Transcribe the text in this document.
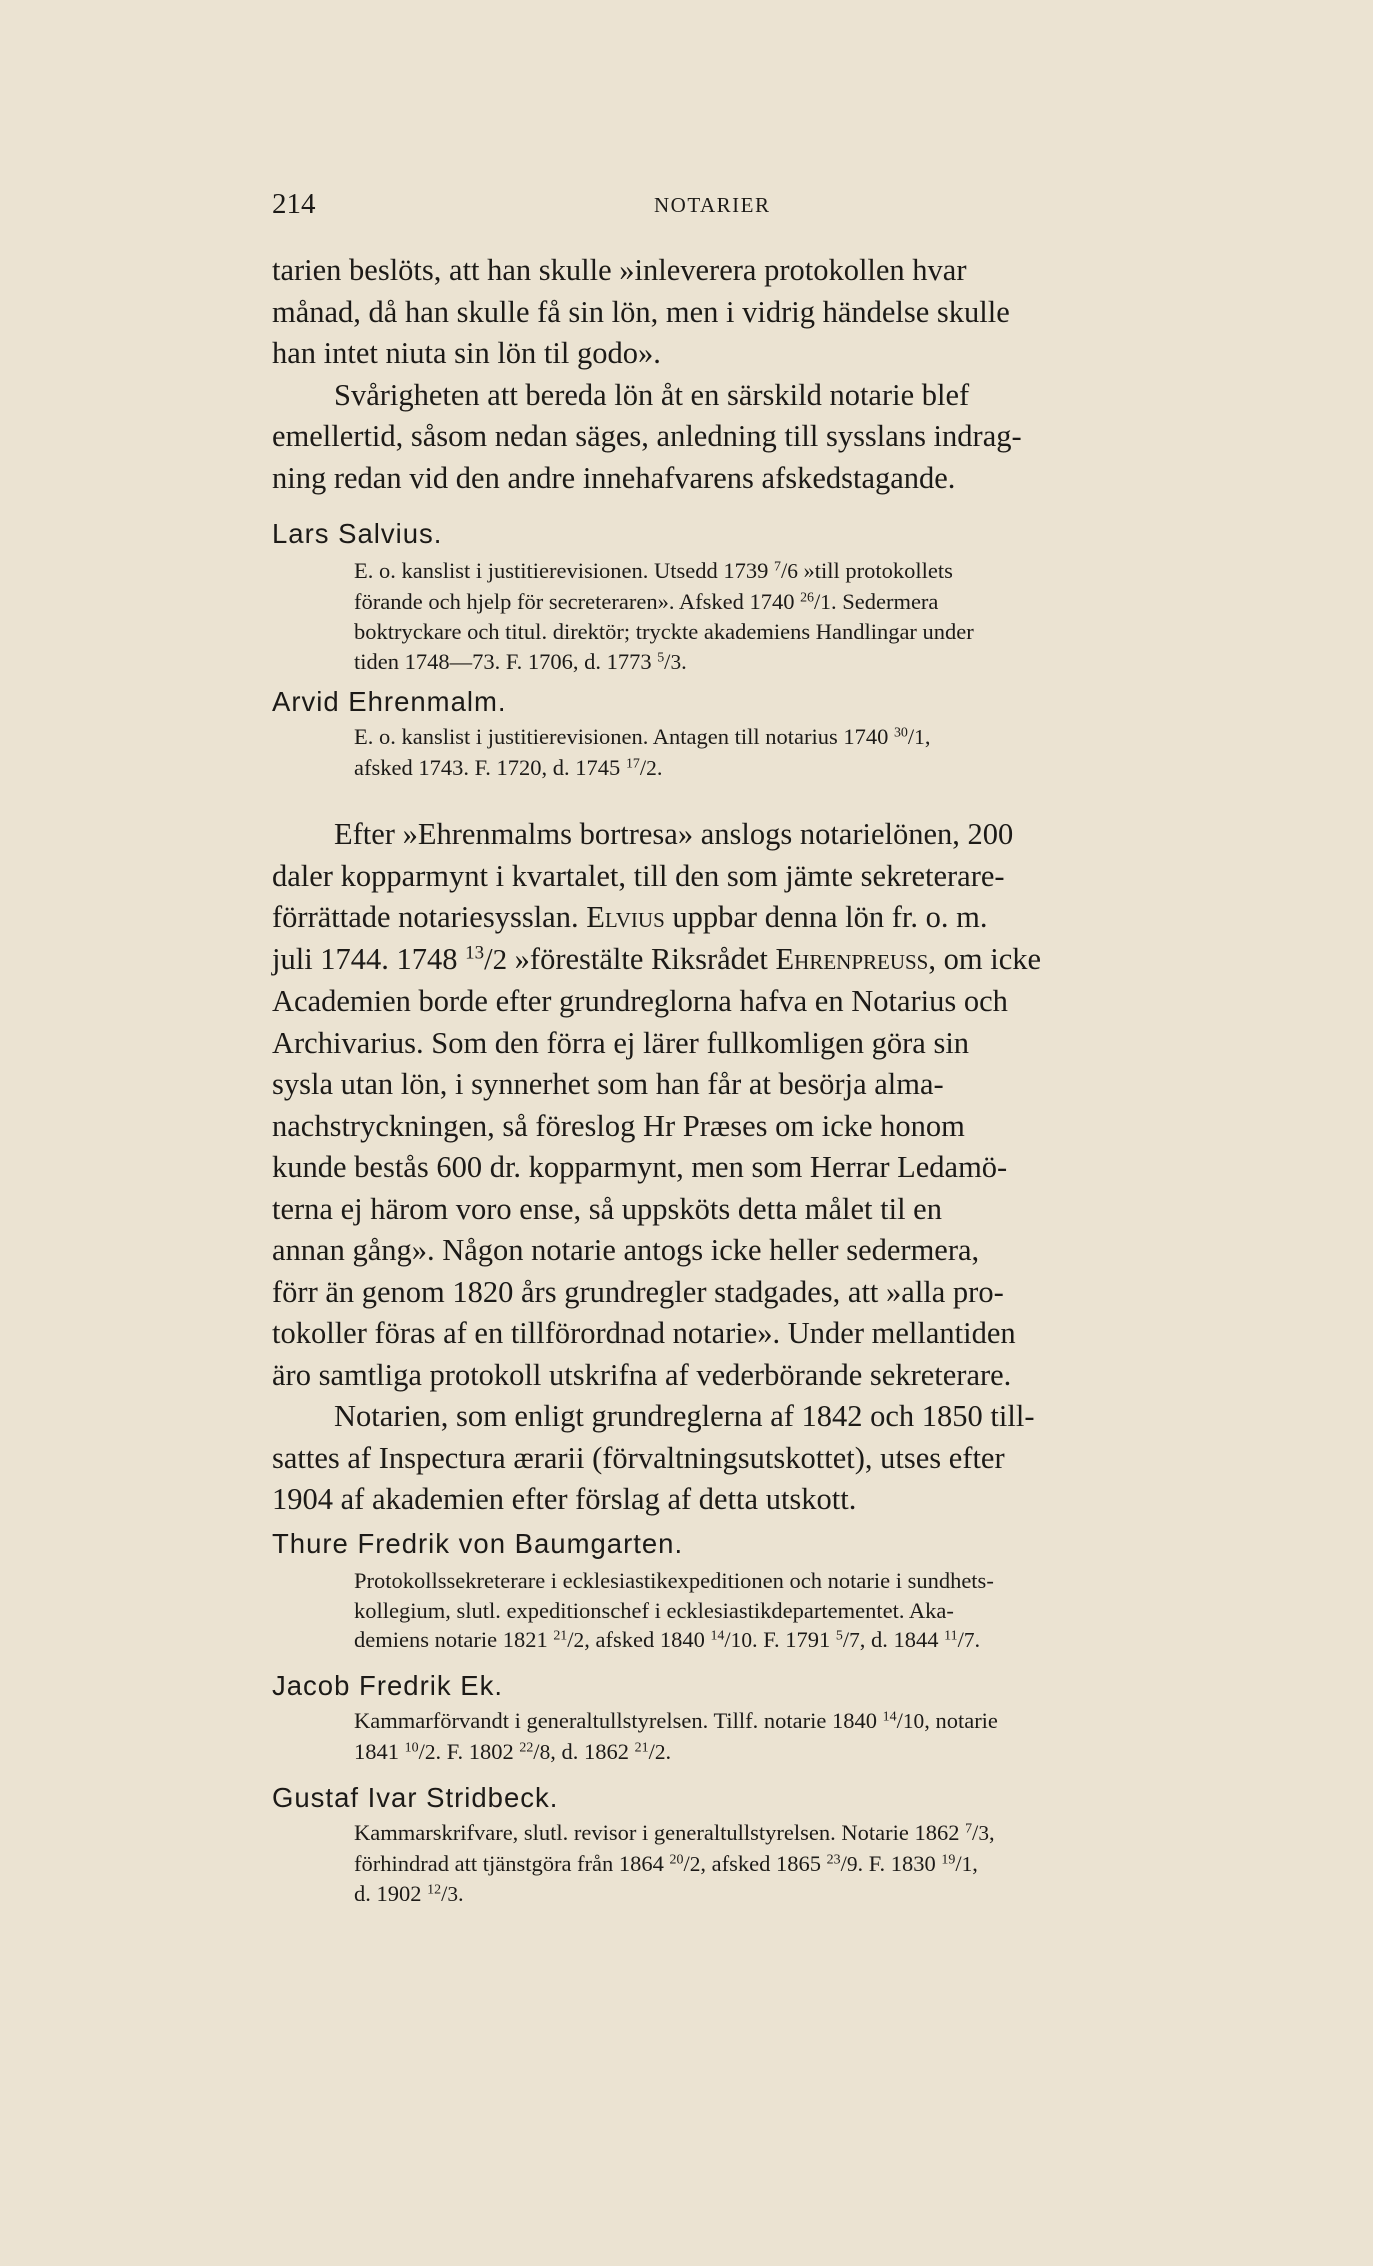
214	NOTARIER
tarien beslöts, att han skulle »inleverera protokollen hvar
månad, då han skulle få sin lön, men i vidrig händelse skulle
han intet niuta sin lön til godo».
Svårigheten att bereda lön åt en särskild notarie blef
emellertid, såsom nedan säges, anledning till sysslans indrag-
ning redan vid den andre innehafvarens afskedstagande.
Lars Salvius.
E. o. kanslist i justitierevisionen. Utsedd 1739 $^7$/6 »till protokollets
förande och hjelp för secreteraren». Afsked 1740 $^{26}$/1. Sedermera
boktryckare och titul. direktör; tryckte akademiens Handlingar under
tiden 1748—73. F. 1706, d. 1773 $^5$/3.
Arvid Ehrenmalm.
E. o. kanslist i justitierevisionen. Antagen till notarius 1740 $^{30}$/1,
afsked 1743. F. 1720, d. 1745 $^{17}$/2.
Efter »Ehrenmalms bortresa» anslogs notarielönen, 200
daler kopparmynt i kvartalet, till den som jämte sekreterare-
förrättade notariesysslan. Elvius uppbar denna lön fr. o. m.
juli 1744. 1748 $^{13}$/2 »förestälte Riksrådet Ehrenpreuss, om icke
Academien borde efter grundreglorna hafva en Notarius och
Archivarius. Som den förra ej lärer fullkomligen göra sin
sysla utan lön, i synnerhet som han får at besörja alma-
nachstryckningen, så föreslog Hr Præses om icke honom
kunde bestås 600 dr. kopparmynt, men som Herrar Ledamö-
terna ej härom voro ense, så uppsköts detta målet til en
annan gång». Någon notarie antogs icke heller sedermera,
förr än genom 1820 års grundregler stadgades, att »alla pro-
tokoller föras af en tillförordnad notarie». Under mellantiden
äro samtliga protokoll utskrifna af vederbörande sekreterare.
Notarien, som enligt grundreglerna af 1842 och 1850 till-
sattes af Inspectura ærarii (förvaltningsutskottet), utses efter
1904 af akademien efter förslag af detta utskott.
Thure Fredrik von Baumgarten.
Protokollssekreterare i ecklesiastikexpeditionen och notarie i sundhets-
kollegium, slutl. expeditionschef i ecklesiastikdepartementet. Aka-
demiens notarie 1821 $^{21}$/2, afsked 1840 $^{14}$/10. F. 1791 $^5$/7, d. 1844 $^{11}$/7.
Jacob Fredrik Ek.
Kammarförvandt i generaltullstyrelsen. Tillf. notarie 1840 $^{14}$/10, notarie
1841 $^{10}$/2. F. 1802 $^{22}$/8, d. 1862 $^{21}$/2.
Gustaf Ivar Stridbeck.
Kammarskrifvare, slutl. revisor i generaltullstyrelsen. Notarie 1862 $^7$/3,
förhindrad att tjänstgöra från 1864 $^{20}$/2, afsked 1865 $^{23}$/9. F. 1830 $^{19}$/1,
d. 1902 $^{12}$/3.
